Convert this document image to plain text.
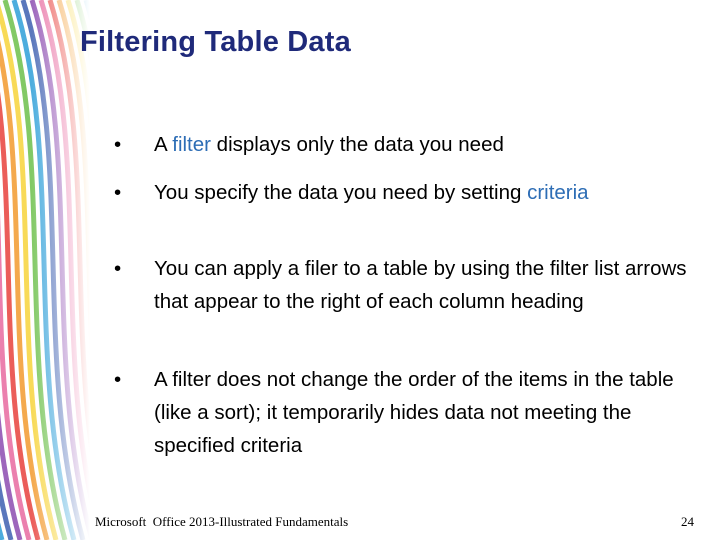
Filtering Table Data
•	A filter displays only the data you need
•	You specify the data you need by setting criteria
•	You can apply a filer to a table by using the filter list arrows that appear to the right of each column heading
•	A filter does not change the order of the items in the table (like a sort); it temporarily hides data not meeting the specified criteria
Microsoft  Office 2013-Illustrated Fundamentals	24
